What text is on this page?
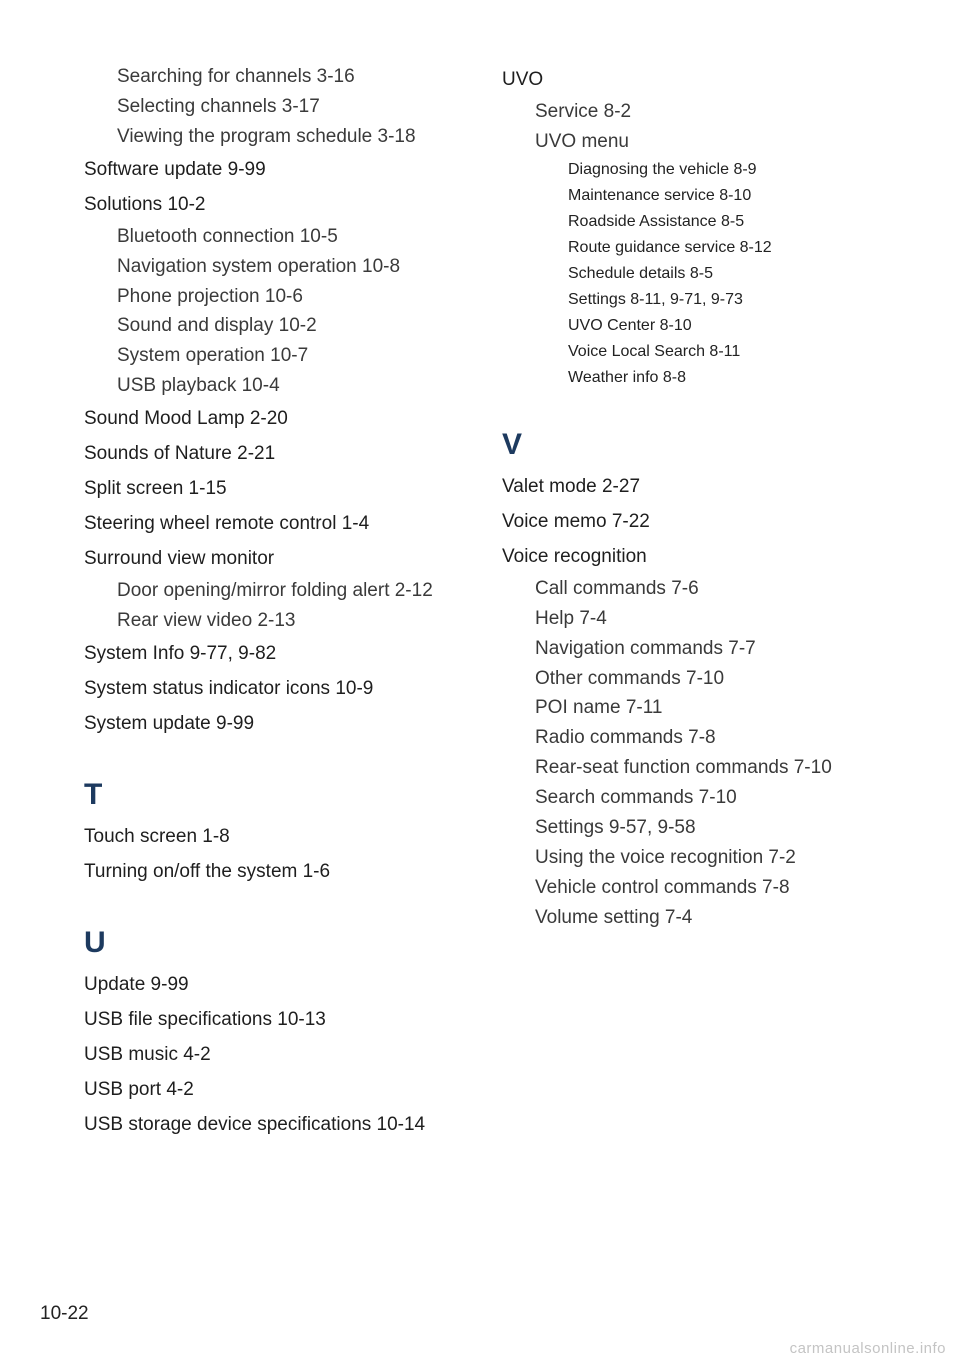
Searching for channels 3-16
Selecting channels 3-17
Viewing the program schedule 3-18
Software update 9-99
Solutions 10-2
Bluetooth connection 10-5
Navigation system operation 10-8
Phone projection 10-6
Sound and display 10-2
System operation 10-7
USB playback 10-4
Sound Mood Lamp 2-20
Sounds of Nature 2-21
Split screen 1-15
Steering wheel remote control 1-4
Surround view monitor
Door opening/mirror folding alert 2-12
Rear view video 2-13
System Info 9-77, 9-82
System status indicator icons 10-9
System update 9-99
T
Touch screen 1-8
Turning on/off the system 1-6
U
Update 9-99
USB file specifications 10-13
USB music 4-2
USB port 4-2
USB storage device specifications 10-14
UVO
Service 8-2
UVO menu
Diagnosing the vehicle 8-9
Maintenance service 8-10
Roadside Assistance 8-5
Route guidance service 8-12
Schedule details 8-5
Settings 8-11, 9-71, 9-73
UVO Center 8-10
Voice Local Search 8-11
Weather info 8-8
V
Valet mode 2-27
Voice memo 7-22
Voice recognition
Call commands 7-6
Help 7-4
Navigation commands 7-7
Other commands 7-10
POI name 7-11
Radio commands 7-8
Rear-seat function commands 7-10
Search commands 7-10
Settings 9-57, 9-58
Using the voice recognition 7-2
Vehicle control commands 7-8
Volume setting 7-4
10-22
carmanualsonline.info
